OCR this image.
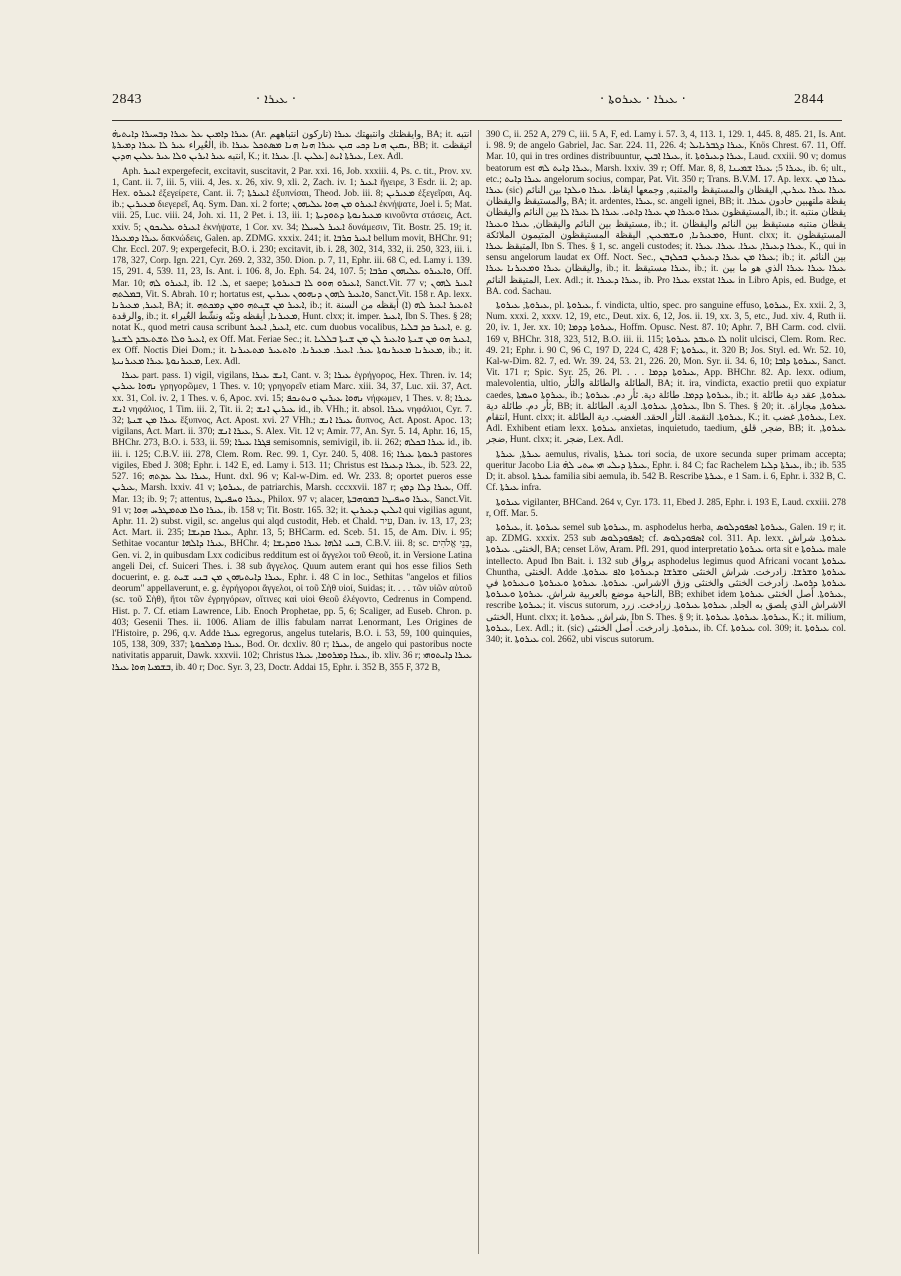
2843	· ܥܝܪܐ ·	· ܥܝܪܐ · ܥܝܪܘܬܐ ·	2844

ܥܝܪܐ ܕܐܡܝܢ ܥܠ ܥܝܪܐ ܕܒܚܝܪܐ ܕܐܝܬܝܗ̇ (Ar. تاركون انتباههم) وأيقظتك وانتبهتك ܥܝܪܐ, BA; it. انتبه العُيراء ܥܝܪ ܠܐ ܥܝܪܐ ܕܡܝܪܬܐ, ib. ܝܩܝܢ ܗܢܐ ܕܟܝ ܩܝܢ ܥܝܪܐ ܗܢܐ ܗܢܐ ܡܣܬܟܠ ܥܝܪܐ, BB; it. اتيقظت انتبه ܥܝܪ ܐܝܪܝܢ ܘܠܐ ܥܝܪ ܥܠܝܢ ܗܕܝܢ, K.; it. ܥܝܪܐ .[l. ܥܠܝܢ] ܥܝܪܬܐ ܐܝܬ, Lex. Adl.

Aph. ܐܥܝܪ expergefecit, excitavit, suscitavit, 2 Par. xxi. 16, Job. xxxiii. 4, Ps. c. tit., Prov. xv. 1, Cant. ii. 7, iii. 5, viii. 4, Jes. x. 26, xiv. 9, xli. 2, Zach. iv. 1; ܐܥܝܪ ἤγειρε, 3 Esdr. ii. 2; ap. Hex. ܐܥܝܪܘ ἐξεγείρετε, Cant. ii. 7; ܐܥܝܪܬܐ ἐξυπνίσαι, Theod. Job. iii. 8; ܡܥܝܪܝܢ ἐξεγεῖραι, Aq. ib.; ܡܥܝܪܝܢ διεγερεῖ, Aq. Sym. Dan. xi. 2 forte; ܐܥܝܪܘ ܡܢ ܗܘܐ ܥܠܝܗܘܢ ἐκνήψατε, Joel i. 5; Mat. viii. 25, Luc. viii. 24, Joh. xi. 11, 2 Pet. i. 13, iii. 1; ܡܥܝܪܢܘܬܐ ܕܬܘܕܝܬܐ κινοῦντα στάσεις, Act. xxiv. 5; ܐܥܝܪܘ ܥܠܝܟܘܢ ἐκνήψατε, 1 Cor. xv. 34; ܐܥܝܪ ܠܚܝܠܐ δυνάμεσιν, Tit. Bostr. 25. 19; it. ܥܝܪܐ ܕܡܥܝܪܐ δακνώδεις, Galen. ap. ZDMG. xxxix. 241; it. ܐܥܝܪ ܩܪܒܐ bellum movit, BHChr. 91; Chr. Eccl. 207. 9; expergefecit, B.O. i. 230; excitavit, ib. i. 28, 302, 314, 332, ii. 250, 323, iii. i. 178, 327, Corp. Ign. 221, Cyr. 269. 2, 332, 350. Dion. p. 7, 11, Ephr. iii. 68 C, ed. Lamy i. 139. 15, 291. 4, 539. 11, 23, Is. Ant. i. 106. 8, Jo. Eph. 54. 24, 107. 5; ܘܐܥܝܪܘ ܥܠܝܗܘܢ ܩܪܒܐ, Off. Mar. 10; ܐܥܝܪܘ ܠܗ, ib. ܠ. 12, et saepe; ܐܥܝܪܘ ܗܘܘ ܠܐ ܒܥܝܪܘܬܐ, Sanct.Vit. 77 v; ܐܥܝܪ ܠܗܘܢ ܒܡܠܬܗ, Vit. S. Abrah. 10 r; hortatus est, ܘܐܥܝܪ ܠܗܘܢ ܕܢܗܘܘܢ ܥܝܪܝܢ, Sanct.Vit. 158 r. Ap. lexx. ܐܥܝܪ, ܡܥܝܪܢܐ, BA; it. ܐܥܝܪ ܡܢ ܫܢܬܗ ܘܡܢ ܕܡܟܬܗ, ib.; it. ܐܬܥܝܪ ܐܥܝܪ ܠܗ (ܐ) أيقظه من السنة والرقدة, ib.; it. ܡܥܝܪܢܐ, أيقظه ونبّه ونشّط العُيراء, Hunt. clxx; it. imper. ܐܥܝܪ, Ibn S. Thes. § 28; notat K., quod metri causa scribunt ܐܥܝܪ, ܐܥܝܪ, etc. cum duobus vocalibus, ܐܥܝܪ ܟܕ ܒܠܝܐ, e. g. ܐܥܝܪ ܘܠܐ ܬܫܬܥܒܕ ܠܫܢܬܐ, ex Off. Mat. Feriae Sec.; it. ܐܥܝܪ ܗܘ ܡܢ ܫܢܬܐ ܘܐܥܝܪ ܠܢ ܡܢ ܫܢܬܐ ܒܠܠܝܐ, ex Off. Noctis Diei Dom.; it. ܡܥܝܪܢܐ ܡܥܝܪܢܘܬܐ ܥܝܪ. ܐܥܝܪ. ܡܥܝܪܢܐ. ܘܐܬܥܝܪ ܡܬܥܝܪܢܐ, ib.; it. ܡܥܝܪܢܘܬܐ ܥܝܪܐ ܡܥܝܪܢܝܬܐ, Lex. Adl.

ܥܝܪܐ part. pass. 1) vigil, vigilans, ܐܢܫ ܥܝܪܐ, Cant. v. 3; ܥܝܪܐ ἐγρήγορος, Hex. Thren. iv. 14; ܢܗܘܐ ܥܝܪܝܢ γρηγορῶμεν, 1 Thes. v. 10; γρηγορεῖν etiam Marc. xiii. 34, 37, Luc. xii. 37, Act. xx. 31, Col. iv. 2, 1 Thes. v. 6, Apoc. xvi. 15; ܢܗܘܐ ܥܝܪܝܢ ܘܢܬܢܟܦ νήφωμεν, 1 Thes. v. 8; ܥܝܪܐ ܐܢܫ νηφάλιος, 1 Tim. iii. 2, Tit. ii. 2; ܥܝܪܝܢ ܐܢܫ id., ib. VHh.; it. absol. ܥܝܪܐ νηφάλιοι, Cyr. 7. 32; ܥܝܪܐ ܡܢ ܫܢܬܐ ἔξυπνος, Act. Apost. xvi. 27 VHh.; ܥܝܪܐ ܐܢܫ ἄυπνος, Act. Apost. Apoc. 13; vigilans, Act. Mart. ii. 370; ܥܝܪܐ ܐܢܫ, S. Alex. Vit. 12 v; Amir. 77, An. Syr. 5. 14, Aphr. 16, 15, BHChr. 273, B.O. i. 533, ii. 59; ܦܓܪܐ ܥܝܪܐ semisomnis, semivigil, ib. ii. 262; ܥܝܪܐ ܒܟܠܗ id., ib. iii. i. 125; C.B.V. iii. 278, Clem. Rom. Rec. 99. 1, Cyr. 240. 5, 408. 16; ܪܥܘܬܐ ܥܝܪܐ pastores vigiles, Ebed J. 308; Ephr. i. 142 E, ed. Lamy i. 513. 11; Christus est ܥܝܪܐ ܕܥܝܪܐ, ib. 523. 22, 527. 16; ܥܝܪܐ ܥܠ ܥܕܬܗ, Hunt. dxl. 96 v; Kal-w-Dim. ed. Wr. 233. 8; oportet pueros esse ܥܝܪܝܢ, Marsh. lxxiv. 41 v; ܥܝܪܘܬܐ, de patriarchis, Marsh. cccxxvii. 187 r; ܥܝܪܐ ܕܠܐ ܕܡܟ, Off. Mar. 13; ib. 9; 7; attentus, ܥܝܪܐ ܘܚܦܝܛܐ, Philox. 97 v; alacer, ܥܝܪܐ ܘܚܦܝܛܐ ܒܡܘܗܒܬܐ, Sanct.Vit. 91 v; ܥܝܪܐ ܘܠܐ ܡܬܡܛܪܚ ܗܘܐ, ib. 158 v; Tit. Bostr. 165. 32; it. ܐܝܠܝܢ ܕܥܝܪܝܢ qui vigilias agunt, Aphr. 11. 2) subst. vigil, sc. angelus qui alqd custodit, Heb. et Chald. עִיר, Dan. iv. 13, 17, 23; Act. Mart. ii. 235; ܥܝܪܐ ܩܕܝܫܐ, Aphr. 13, 5; BHCarm. ed. Sceb. 51. 15, de Am. Div. i. 95; Sethitae vocantur ܥܝܪܐ ܕܐܠܗܐ, BHChr. 4; ܒܢܝ ܐܠܗܐ ܥܝܪܐ ܘܩܕܝܫܐ, C.B.V. iii. 8; sc. בְּנֵי אֱלֹהִים, Gen. vi. 2, in quibusdam Lxx codicibus redditum est οἱ ἄγγελοι τοῦ Θεοῦ, it. in Versione Latina angeli Dei, cf. Suiceri Thes. i. 38 sub ἄγγελος. Quum autem erant qui hos esse filios Seth docuerint, e. g. ܥܝܪܐ ܕܐܝܬܝܗܘܢ ܡܢ ܒܢܝ ܫܝܬ, Ephr. i. 48 C in loc., Sethitas "angelos et filios deorum" appellaverunt, e. g. ἐγρήγοροι ἄγγελοι, οἱ τοῦ Σὴθ υἱοί, Suidas; it. . . . τῶν υἱῶν αὐτοῦ (sc. τοῦ Σὴθ), ἤτοι τῶν ἐγρηγόρων, οἵτινες καὶ υἱοὶ Θεοῦ ἐλέγοντο, Cedrenus in Compend. Hist. p. 7. Cf. etiam Lawrence, Lib. Enoch Prophetae, pp. 5, 6; Scaliger, ad Euseb. Chron. p. 403; Gesenii Thes. ii. 1006. Aliam de illis fabulam narrat Lenormant, Les Origines de l'Histoire, p. 296, q.v. Adde ܥܝܪܐ egregorus, angelus tutelaris, B.O. i. 53, 59, 100 quinquies, 105, 138, 309, 337; ܥܝܪܐ ܕܡܠܟܘܬܐ, Bod. Or. dcxliv. 80 r; ܥܝܪܐ, de angelo qui pastoribus nocte nativitatis apparuit, Dawk. xxxvii. 102; Christus ܥܝܪܐ ܕܡܪܘܡܐ, ܥܝܪܐ, ib. xliv. 36 r; ܥܝܪܐ ܕܐܝܬܘܗܝ ܒܫܡܝܐ ܗܘܐ ܥܝܪܐ, ib. 40 r; Doc. Syr. 3, 23, Doctr. Addai 15, Ephr. i. 352 B, 355 F, 372 B,

390 C, ii. 252 A, 279 C, iii. 5 A, F, ed. Lamy i. 57. 3, 4, 113. 1, 129. 1, 445. 8, 485. 21, Is. Ant. i. 98. 9; de angelo Gabriel, Jac. Sar. 224. 11, 226. 4; ܥܝܪܐ ܕܓܒܪܝܐܝܠ, Knös Chrest. 67. 11, Off. Mar. 10, qui in tres ordines distribuuntur, ܥܝܪܐ ܐܒܝܢ, it. ܥܝܪܐ ܕܥܝܪܘܬܐ, Laud. cxxiii. 90 v; domus beatorum est ܥܝܪܐ ܕܐܝܬ ܠܗ, Marsh. lxxiv. 39 r; Off. Mar. 8, 8, ܥܝܪܐ 5; ܥܝܪܐ ܫܡܝܢܐ, ib. 6; ult., etc.; ܥܝܪܐ ܕܐܝܬ angelorum socius, compar, Pat. Vit. 350 r; Trans. B.V.M. 17. Ap. lexx. ܥܝܪܐ ܡܢ ܥܝܪܐ (sic) ܥܝܪܐ ܥܝܪܐ ܥܝܪܝܢ, اليقظان والمستيقظ والمتنبه, وجمعها ايقاظ. ܥܝܪܐ ܘܝܠܕܐ بين النائم والمستيقظ واليقظان, BA; it. ardentes, ܥܝܪܐ, sc. angeli ignei, BB; it. يقظة ملتهبين حادون ܥܝܪܐ. المستيقظون ܥܝܪܐ ܘܥܝܪܐ ܡܢ ܥܝܪܐ ܕܐܬܝ. ܥܝܪܐ ܠܐ ܥܝܪܐ ܠܐ بين النائم واليقظان, ib.; it. يقظان منتبه مستيقظ بين النائم واليقظان, ܥܝܪܐ ܘܥܝܪܐ, ib.; it. يقظان منتبه مستيقظ بين النائم واليقظان ܘܡܥܝܪܢܐ, ܘܝܫܡܥܝܢ, اليقظة المستيقظون المتيمون الملائكة, Hunt. clxx; it. المستيقظون المتيقظ ܥܝܪܐ, Ibn S. Thes. § 1, sc. angeli custodes; it. ܥܝܪܐ ܕܥܝܪܐ, ܥܝܪܐ. ܥܝܪܐ. ܥܝܪܐ, K., qui in sensu angelorum laudat ex Off. Noct. Sec., ܥܝܪܐ ܡܢ ܥܝܪܐ ܕܥܝܪܝܢ ܒܟܠܙܒܢ; ib.; it. بين النائم واليقظان ܥܝܪܐ ܘܡܥܝܪܢܐ ܥܝܪܐ, ib.; it. ܥܝܪܐ مستيقظ, ib.; it. ܥܝܪܐ ܥܝܪܐ ܥܝܪܐ الذي هو ما بين المتيقظ النائم, Lex. Adl.; it. ܥܝܪܐ ܕܥܝܪܐ, ib. Pro ܥܝܪܐ exstat ܥܝܪܐ in Libro Apis, ed. Budge, et BA. cod. Sachau.

ܥܝܪܘܬܐ, ܥܝܪܘܬܐ, pl. ܥܝܪܘܬܐ, f. vindicta, ultio, spec. pro sanguine effuso, ܥܝܪܘܬܐ, Ex. xxii. 2, 3, Num. xxxi. 2, xxxv. 12, 19, etc., Deut. xix. 6, 12, Jos. ii. 19, xx. 3, 5, etc., Jud. xiv. 4, Ruth ii. 20, iv. 1, Jer. xx. 10; ܥܝܪܘܬܐ ܕܕܡܐ, Hoffm. Opusc. Nest. 87. 10; Aphr. 7, BH Carm. cod. clvii. 169 v, BHChr. 318, 323, 512, B.O. iii. ii. 115; ܠܐ ܬܥܒܕ ܥܝܪܘܬܐ nolit ulcisci, Clem. Rom. Rec. 49. 21; Ephr. i. 90 C, 96 C, 197 D, 224 C, 428 F; ܥܝܪܘܬܐ, it. 320 B; Jos. Styl. ed. Wr. 52. 10, Kal-w-Dim. 82. 7, ed. Wr. 39. 24, 53. 21, 226. 20, Mon. Syr. ii. 34. 6, 10; ܥܝܪܘܬܐ ܕܐܒܐ, Sanct. Vit. 171 r; Spic. Syr. 25, 26. Pl. . . . ܥܝܪܘܬܐ ܕܕܡܐ, App. BHChr. 82. Ap. lexx. odium, malevolentia, ultio, الطائلة والطائلة والثأر, BA; it. ira, vindicta, exactio pretii quo expiatur caedes, ܥܝܪܘܬܐ ܘܚܡܬܐ, ib.; ܥܝܪܘܬܐ ܕܕܡܐ. طائلة دية. ثأر دم. ܥܝܪܘܬܐ, ib.; it. ܥܝܪܘܬܐ, عقد دية طائلة ثأر دم. طائلة دية, BB; it. ܥܝܪܘܬܐ, ܥܝܪܘܬܐ. الدية. الطائلة, Ibn S. Thes. § 20; it. ܥܝܪܘܬܐ, مجازاة. انتقام, Hunt. clxx; it. ܥܝܪܘܬܐ. النقمة. الثأر الحقد. الغضب. دية الطائلة, K.; it. ܥܝܪܘܬܐ, غضب, Lex. Adl. Exhibent etiam lexx. ܥܝܪܘܬܐ anxietas, inquietudo, taedium, ضجر, قلق, BB; it. ܥܝܪܘܬܐ, ضجر, Hunt. clxx; it. ضجر, Lex. Adl.

ܥܝܪܬܐ, ܥܝܪܬܐ aemulus, rivalis, ܥܝܪܬܐ tori socia, de uxore secunda super primam accepta; queritur Jacobo Lia ܥܝܪܬܐ ܕܝܠܝ ܗܝ ܚܬܝ ܠܗ̇, Ephr. i. 84 C; fac Rachelem ܥܝܪܬܐ ܕܠܝܐ, ib.; ib. 535 D; it. absol. ܥܝܪܬܐ familia sibi aemula, ib. 542 B. Rescribe ܥܝܪܬܐ, e 1 Sam. i. 6, Ephr. i. 332 B, C. Cf. ܥܝܪܬܐ infra.

ܥܝܪܘܬܐ vigilanter, BHCand. 264 v, Cyr. 173. 11, Ebed J. 285, Ephr. i. 193 E, Laud. cxxiii. 278 r, Off. Mar. 5.

ܥܝܪܘܬܐ, it. ܥܝܪܘܬܐ semel sub ܥܝܪܘܬܐ, m. asphodelus herba, ܥܝܪܘܬܐ ܐܣܦܘܕܠܘܣ, Galen. 19 r; it. ap. ZDMG. xxxix. 253 sub ܐܣܦܘܕܠܘܣ; cf. ܐܣܦܘܕܠܘܣ col. 311. Ap. lexx. ܥܝܪܘܬܐ. شراش الخنثى. ܥܝܪܘܬܐ, BA; censet Löw, Aram. Pfl. 291, quod interpretatio ܥܝܪܘܬܐ orta sit e ܥܝܪܘܬܐ male intellecto. Apud Ibn Bait. i. 132 sub برواق asphodelus legimus quod Africani vocant ܥܝܪܘܬܐ Chuntha, الخنثى. Adde ܥܝܪܘܬܐ ܘܫܪܫܐ. زادرخت. شراش الخنثى ܘܫܪܫܐ ܕܥܝܪܘܬܐ ܘܐܦ ܥܝܪܘܬܐ. ܥܝܪܘܬܐ ܕܪܘܚܐ. زادرخت الخنثى والخنثى وزق الاشراس. ܥܝܪܘܬܐ. ܥܝܪܘܬܐ ܘܥܝܪܘܬܐ ܘܝܥܝܪܘܬܐ في الناحية موضع بالعربية شراش. ܥܝܪܘܬܐ ܘܥܝܪܘܬܐ, BB; exhibet idem ܥܝܪܘܬܐ. أصل الخنثى ܥܝܪܘܬܐ, rescribe ܥܝܪܘܬܐ; it. viscus sutorum, الاشراش الذي يلصق به الجلد, ܥܝܪܘܬܐ ܥܝܪܘܬܐ. زرادخت. زرد الخنثى, Hunt. clxx; it. شراش, ܥܝܪܘܬܐ, Ibn S. Thes. § 9; it. ܥܝܪܘܬܐ. ܥܝܪܘܬܐ. ܥܝܪܘܬܐ, K.; it. milium, ܥܝܪܘܬܐ, Lex. Adl.; it. (sic) ܥܝܪܘܬܐ. زادرخت. أصل الخنثى, ib. Cf. ܥܝܪܘܬܐ col. 309; it. ܥܝܪܘܬܐ col. 340; it. ܥܝܪܘܬܐ col. 2662, ubi viscus sutorum.
